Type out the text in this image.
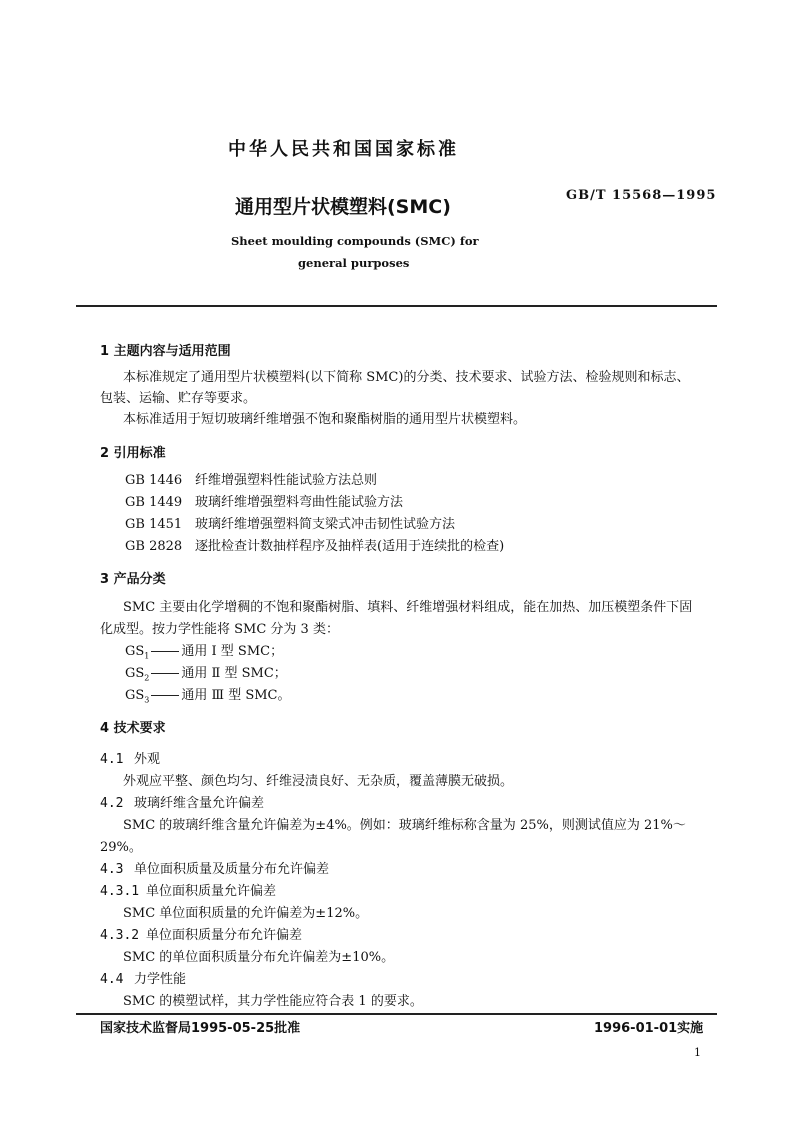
中华人民共和国国家标准
通用型片状模塑料(SMC)
GB/T 15568—1995
Sheet moulding compounds (SMC) for
general purposes
1 主题内容与适用范围
本标准规定了通用型片状模塑料(以下简称 SMC)的分类、技术要求、试验方法、检验规则和标志、
包装、运输、贮存等要求。
本标准适用于短切玻璃纤维增强不饱和聚酯树脂的通用型片状模塑料。
2 引用标准
GB 1446 纤维增强塑料性能试验方法总则
GB 1449 玻璃纤维增强塑料弯曲性能试验方法
GB 1451 玻璃纤维增强塑料简支梁式冲击韧性试验方法
GB 2828 逐批检查计数抽样程序及抽样表(适用于连续批的检查)
3 产品分类
SMC 主要由化学增稠的不饱和聚酯树脂、填料、纤维增强材料组成，能在加热、加压模塑条件下固
化成型。按力学性能将 SMC 分为 3 类：
$GS_1$ 通用 Ⅰ 型 SMC；
$GS_2$ 通用 Ⅱ 型 SMC；
$GS_3$ 通用 Ⅲ 型 SMC。
4 技术要求
4.1 外观
外观应平整、颜色均匀、纤维浸渍良好、无杂质，覆盖薄膜无破损。
4.2 玻璃纤维含量允许偏差
SMC 的玻璃纤维含量允许偏差为±4%。例如：玻璃纤维标称含量为 25%，则测试值应为 21%～
29%。
4.3 单位面积质量及质量分布允许偏差
4.3.1 单位面积质量允许偏差
SMC 单位面积质量的允许偏差为±12%。
4.3.2 单位面积质量分布允许偏差
SMC 的单位面积质量分布允许偏差为±10%。
4.4 力学性能
SMC 的模塑试样，其力学性能应符合表 1 的要求。
国家技术监督局1995-05-25批准	1996-01-01实施
1
